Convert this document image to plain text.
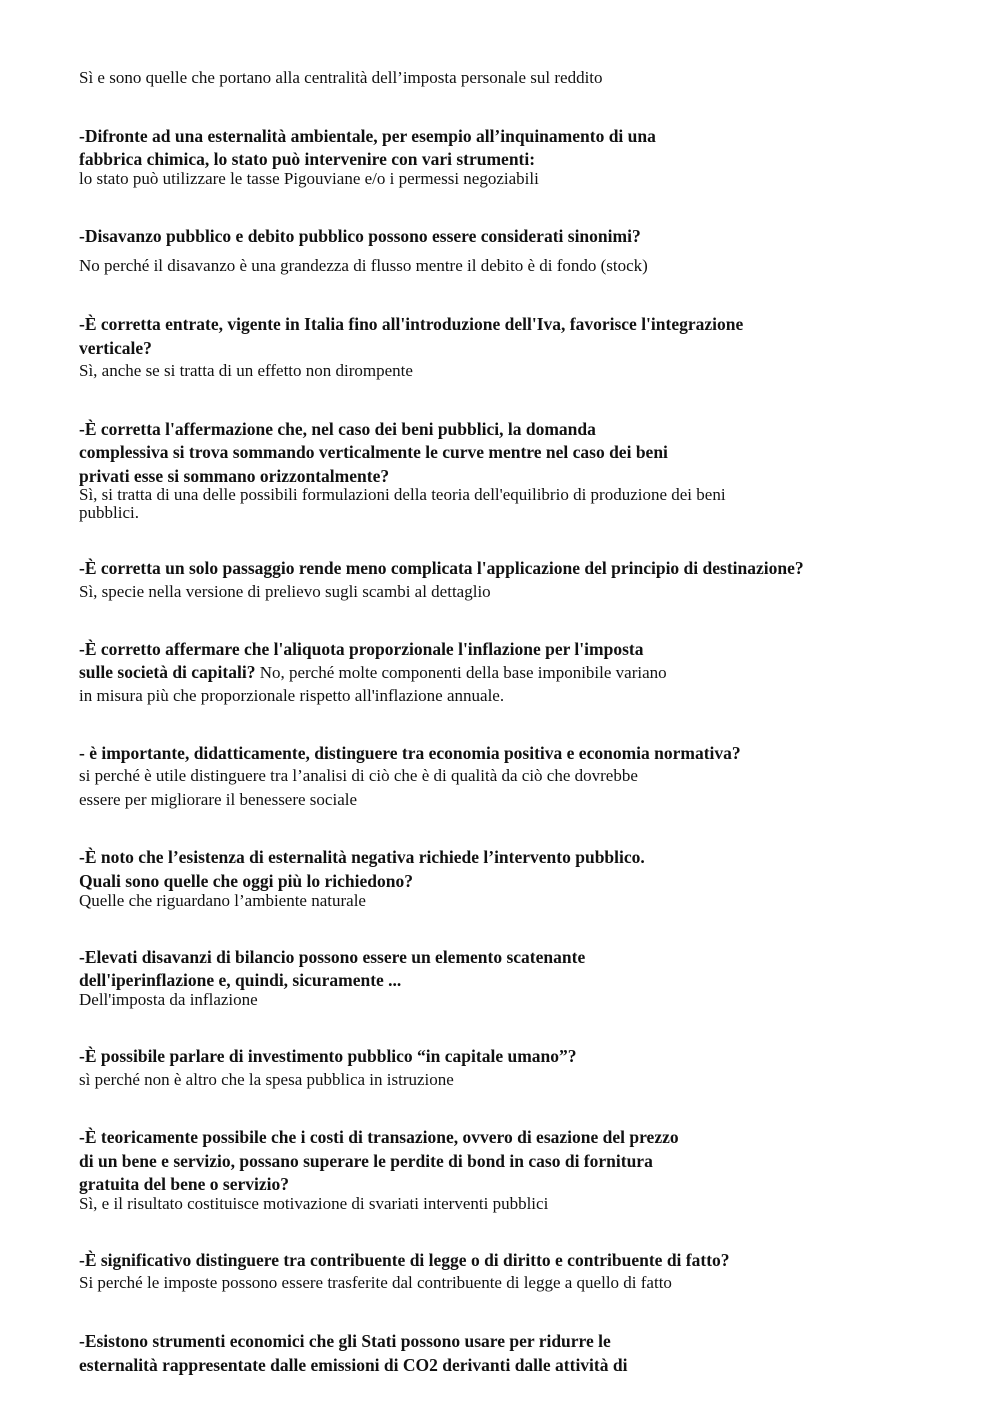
Sì e sono quelle che portano alla centralità dell’imposta personale sul reddito

-Difronte ad una esternalità ambientale, per esempio all’inquinamento di una

fabbrica chimica, lo stato può intervenire con vari strumenti:

lo stato può utilizzare le tasse Pigouviane e/o i permessi negoziabili

-Disavanzo pubblico e debito pubblico possono essere considerati sinonimi?

No perché il disavanzo è una grandezza di flusso mentre il debito è di fondo (stock)

-È corretta entrate, vigente in Italia fino all'introduzione dell'Iva, favorisce l'integrazione

verticale?

Sì, anche se si tratta di un effetto non dirompente

-È corretta l'affermazione che, nel caso dei beni pubblici, la domanda

complessiva si trova sommando verticalmente le curve mentre nel caso dei beni

privati esse si sommano orizzontalmente?

Sì, si tratta di una delle possibili formulazioni della teoria dell'equilibrio di produzione dei beni

pubblici.

-È corretta un solo passaggio rende meno complicata l'applicazione del principio di destinazione?

Sì, specie nella versione di prelievo sugli scambi al dettaglio

-È corretto affermare che l'aliquota proporzionale l'inflazione per l'imposta

sulle società di capitali? No, perché molte componenti della base imponibile variano

in misura più che proporzionale rispetto all'inflazione annuale.

- è importante, didatticamente, distinguere tra economia positiva e economia normativa?

si perché è utile distinguere tra l’analisi di ciò che è di qualità da ciò che dovrebbe

essere per migliorare il benessere sociale

-È noto che l’esistenza di esternalità negativa richiede l’intervento pubblico.

Quali sono quelle che oggi più lo richiedono?

Quelle che riguardano l’ambiente naturale

-Elevati disavanzi di bilancio possono essere un elemento scatenante

dell'iperinflazione e, quindi, sicuramente ...

Dell'imposta da inflazione

-È possibile parlare di investimento pubblico “in capitale umano”?

sì perché non è altro che la spesa pubblica in istruzione

-È teoricamente possibile che i costi di transazione, ovvero di esazione del prezzo

di un bene e servizio, possano superare le perdite di bond in caso di fornitura

gratuita del bene o servizio?

Sì, e il risultato costituisce motivazione di svariati interventi pubblici

-È significativo distinguere tra contribuente di legge o di diritto e contribuente di fatto?

Si perché le imposte possono essere trasferite dal contribuente di legge a quello di fatto

-Esistono strumenti economici che gli Stati possono usare per ridurre le

esternalità rappresentate dalle emissioni di CO2 derivanti dalle attività di
